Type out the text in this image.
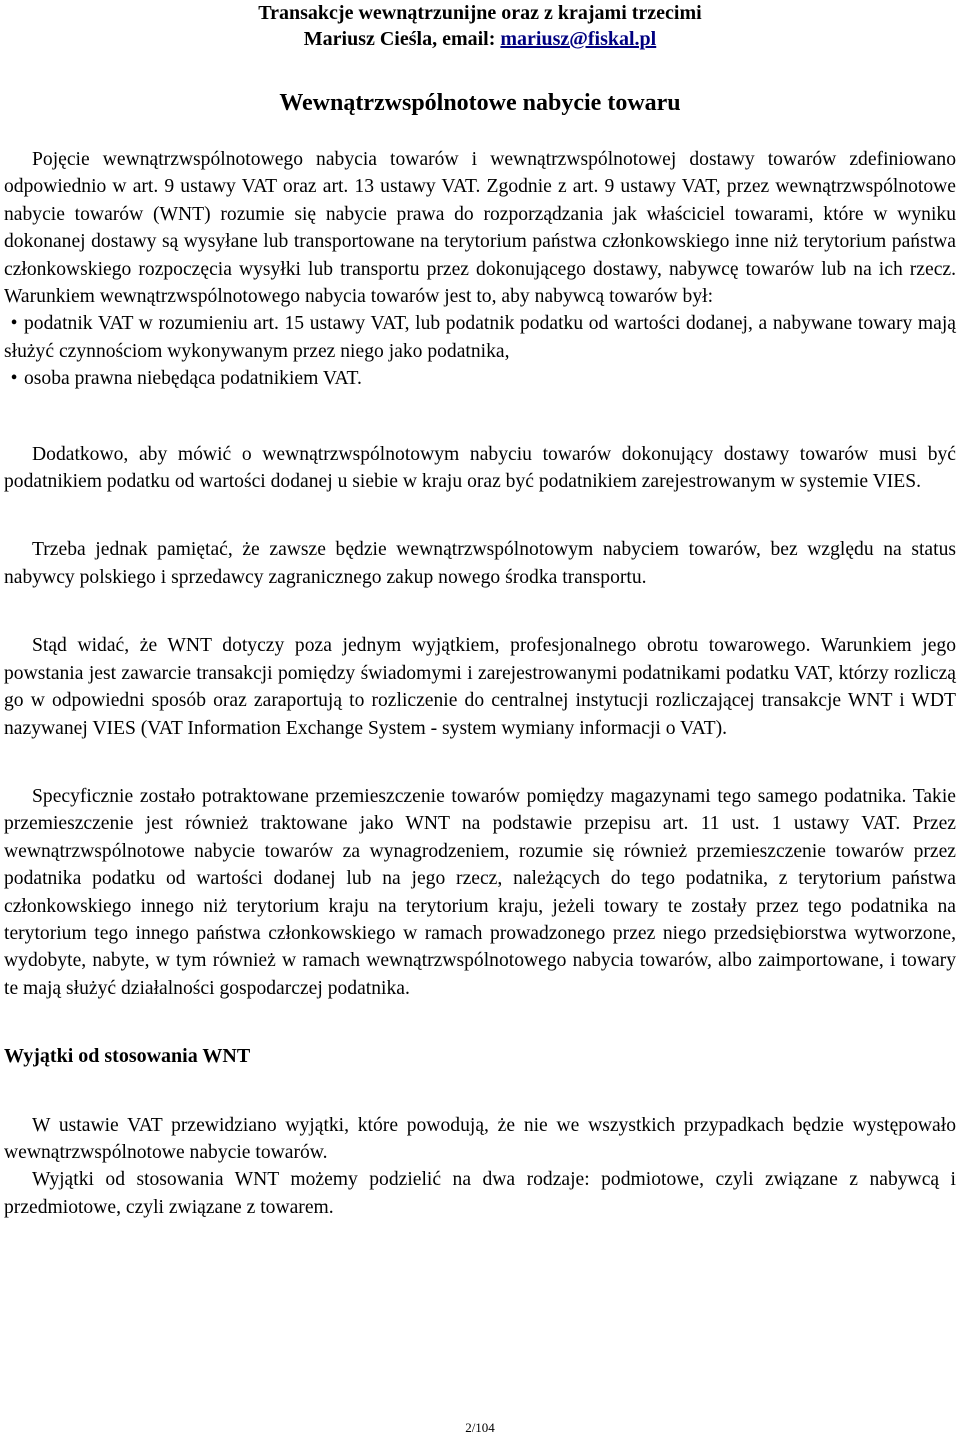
Transakcje wewnątrzunijne oraz z krajami trzecimi
Mariusz Cieśla, email: mariusz@fiskal.pl
Wewnątrzwspólnotowe nabycie towaru

Pojęcie wewnątrzwspólnotowego nabycia towarów i wewnątrzwspólnotowej dostawy towarów zdefiniowano odpowiednio w art. 9 ustawy VAT oraz art. 13 ustawy VAT. Zgodnie z art. 9 ustawy VAT, przez wewnątrzwspólnotowe nabycie towarów (WNT) rozumie się nabycie prawa do rozporządzania jak właściciel towarami, które w wyniku dokonanej dostawy są wysyłane lub transportowane na terytorium państwa członkowskiego inne niż terytorium państwa członkowskiego rozpoczęcia wysyłki lub transportu przez dokonującego dostawy, nabywcę towarów lub na ich rzecz. Warunkiem wewnątrzwspólnotowego nabycia towarów jest to, aby nabywcą towarów był:

• podatnik VAT w rozumieniu art. 15 ustawy VAT, lub podatnik podatku od wartości dodanej, a nabywane towary mają służyć czynnościom wykonywanym przez niego jako podatnika,

• osoba prawna niebędąca podatnikiem VAT.

Dodatkowo, aby mówić o wewnątrzwspólnotowym nabyciu towarów dokonujący dostawy towarów musi być podatnikiem podatku od wartości dodanej u siebie w kraju oraz być podatnikiem zarejestrowanym w systemie VIES.

Trzeba jednak pamiętać, że zawsze będzie wewnątrzwspólnotowym nabyciem towarów, bez względu na status nabywcy polskiego i sprzedawcy zagranicznego zakup nowego środka transportu.

Stąd widać, że WNT dotyczy poza jednym wyjątkiem, profesjonalnego obrotu towarowego. Warunkiem jego powstania jest zawarcie transakcji pomiędzy świadomymi i zarejestrowanymi podatnikami podatku VAT, którzy rozliczą go w odpowiedni sposób oraz zaraportują to rozliczenie do centralnej instytucji rozliczającej transakcje WNT i WDT nazywanej VIES (VAT Information Exchange System - system wymiany informacji o VAT).

Specyficznie zostało potraktowane przemieszczenie towarów pomiędzy magazynami tego samego podatnika. Takie przemieszczenie jest również traktowane jako WNT na podstawie przepisu art. 11 ust. 1 ustawy VAT. Przez wewnątrzwspólnotowe nabycie towarów za wynagrodzeniem, rozumie się również przemieszczenie towarów przez podatnika podatku od wartości dodanej lub na jego rzecz, należących do tego podatnika, z terytorium państwa członkowskiego innego niż terytorium kraju na terytorium kraju, jeżeli towary te zostały przez tego podatnika na terytorium tego innego państwa członkowskiego w ramach prowadzonego przez niego przedsiębiorstwa wytworzone, wydobyte, nabyte, w tym również w ramach wewnątrzwspólnotowego nabycia towarów, albo zaimportowane, i towary te mają służyć działalności gospodarczej podatnika.

Wyjątki od stosowania WNT

W ustawie VAT przewidziano wyjątki, które powodują, że nie we wszystkich przypadkach będzie występowało wewnątrzwspólnotowe nabycie towarów.

Wyjątki od stosowania WNT możemy podzielić na dwa rodzaje: podmiotowe, czyli związane z nabywcą i przedmiotowe, czyli związane z towarem.

2/104
